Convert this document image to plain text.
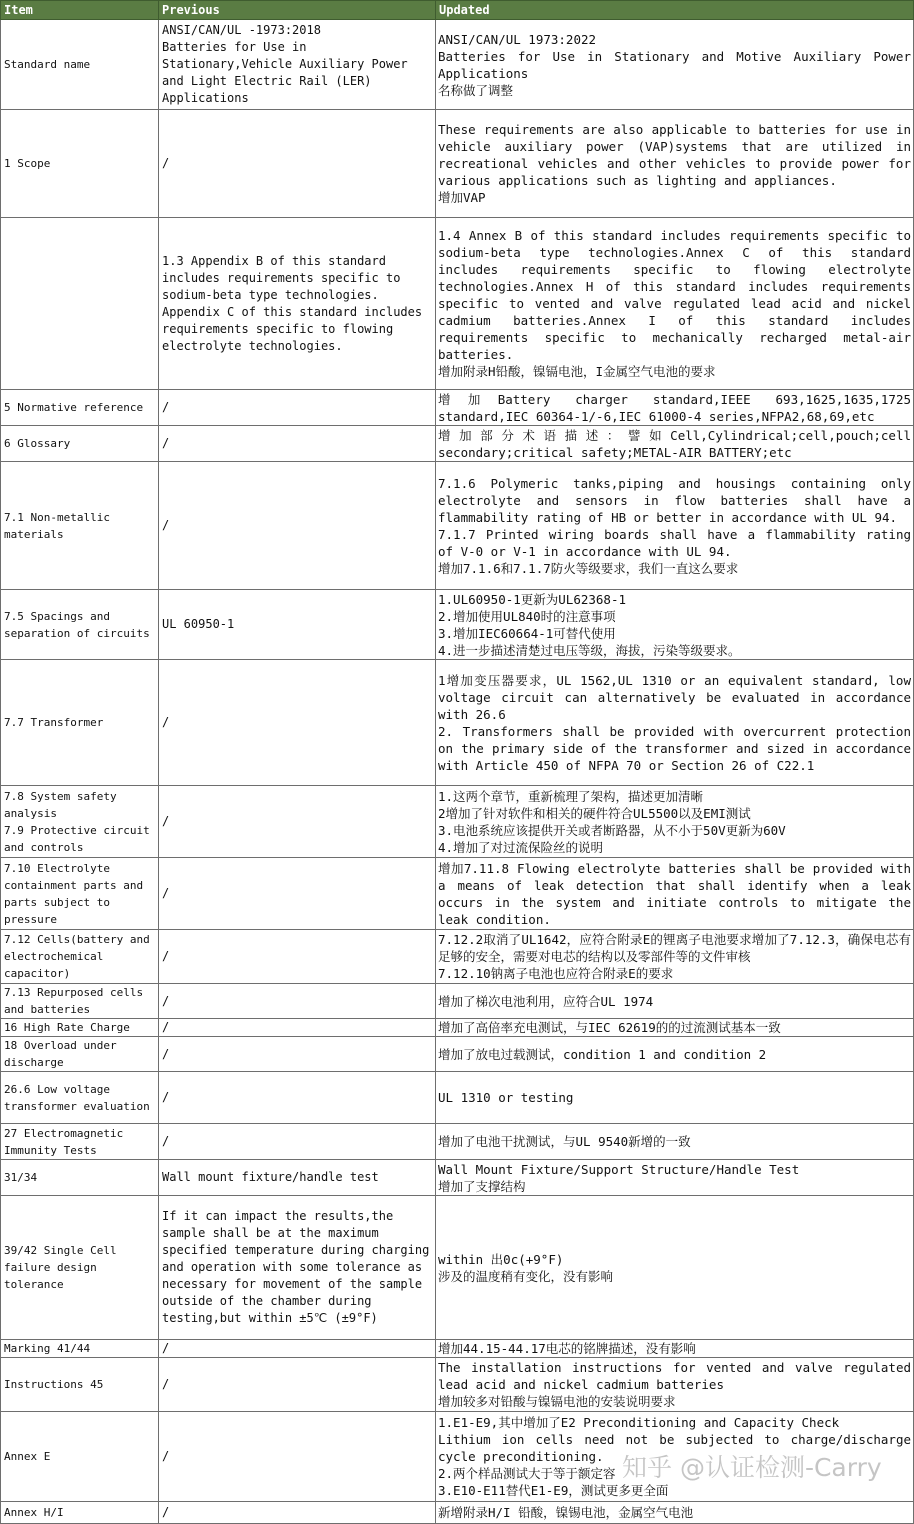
Item	Previous	Updated

Standard name	ANSI/CAN/UL -1973:2018
Batteries for Use in Stationary,Vehicle Auxiliary Power and Light Electric Rail (LER) Applications	ANSI/CAN/UL 1973:2022
Batteries for Use in Stationary and Motive Auxiliary Power Applications
名称做了调整

1 Scope	/	These requirements are also applicable to batteries for use in vehicle auxiliary power (VAP)systems that are utilized in recreational vehicles and other vehicles to provide power for various applications such as lighting and appliances.
增加VAP

	1.3 Appendix B of this standard includes requirements specific to sodium-beta type technologies. Appendix C of this standard includes requirements specific to flowing electrolyte technologies.	1.4 Annex B of this standard includes requirements specific to sodium-beta type technologies.Annex C of this standard includes requirements specific to flowing electrolyte technologies.Annex H of this standard includes requirements specific to vented and valve regulated lead acid and nickel cadmium batteries.Annex I of this standard includes requirements specific to mechanically recharged metal-air batteries.
增加附录H铅酸，镍镉电池，I金属空气电池的要求

5 Normative reference	/	增加Battery charger standard,IEEE 693,1625,1635,1725 standard,IEC 60364-1/-6,IEC 61000-4 series,NFPA2,68,69,etc

6 Glossary	/	增加部分术语描述：譬如Cell,Cylindrical;cell,pouch;cell secondary;critical safety;METAL-AIR BATTERY;etc

7.1 Non-metallic materials	/	7.1.6 Polymeric tanks,piping and housings containing only electrolyte and sensors in flow batteries shall have a flammability rating of HB or better in accordance with UL 94.
7.1.7 Printed wiring boards shall have a flammability rating of V-0 or V-1 in accordance with UL 94.
增加7.1.6和7.1.7防火等级要求，我们一直这么要求

7.5 Spacings and separation of circuits	UL 60950-1	1.UL60950-1更新为UL62368-1
2.增加使用UL840时的注意事项
3.增加IEC60664-1可替代使用
4.进一步描述清楚过电压等级，海拔，污染等级要求。

7.7 Transformer	/	1增加变压器要求，UL 1562,UL 1310 or an equivalent standard, low voltage circuit can alternatively be evaluated in accordance with 26.6
2. Transformers shall be provided with overcurrent protection on the primary side of the transformer and sized in accordance with Article 450 of NFPA 70 or Section 26 of C22.1

7.8 System safety analysis
7.9 Protective circuit and controls	/	1.这两个章节，重新梳理了架构，描述更加清晰
2增加了针对软件和相关的硬件符合UL5500以及EMI测试
3.电池系统应该提供开关或者断路器，从不小于50V更新为60V
4.增加了对过流保险丝的说明

7.10 Electrolyte containment parts and parts subject to pressure	/	增加7.11.8 Flowing electrolyte batteries shall be provided with a means of leak detection that shall identify when a leak occurs in the system and initiate controls to mitigate the leak condition.

7.12 Cells(battery and electrochemical capacitor)	/	7.12.2取消了UL1642，应符合附录E的锂离子电池要求增加了7.12.3，确保电芯有足够的安全，需要对电芯的结构以及零部件等的文件审核
7.12.10钠离子电池也应符合附录E的要求

7.13 Repurposed cells and batteries	/	增加了梯次电池利用，应符合UL 1974

16 High Rate Charge	/	增加了高倍率充电测试，与IEC 62619的的过流测试基本一致

18 Overload under discharge	/	增加了放电过载测试，condition 1 and condition 2

26.6 Low voltage transformer evaluation	/	UL 1310 or testing

27 Electromagnetic Immunity Tests	/	增加了电池干扰测试，与UL 9540新增的一致

31/34	Wall mount fixture/handle test	Wall Mount Fixture/Support Structure/Handle Test
增加了支撑结构

39/42 Single Cell failure design tolerance	If it can impact the results,the sample shall be at the maximum specified temperature during charging and operation with some tolerance as necessary for movement of the sample outside of the chamber during testing,but within ±5℃ (±9°F)	within 出0c(+9°F)
涉及的温度稍有变化，没有影响

Marking 41/44	/	增加44.15-44.17电芯的铭牌描述，没有影响

Instructions 45	/	The installation instructions for vented and valve regulated lead acid and nickel cadmium batteries
增加较多对铅酸与镍镉电池的安装说明要求

Annex E	/	1.E1-E9,其中增加了E2 Preconditioning and Capacity Check
Lithium ion cells need not be subjected to charge/discharge cycle preconditioning.
2.两个样品测试大于等于额定容
3.E10-E11替代E1-E9，测试更多更全面

Annex H/I	/	新增附录H/I 铅酸，镍锡电池，金属空气电池
知乎 @认证检测-Carry
